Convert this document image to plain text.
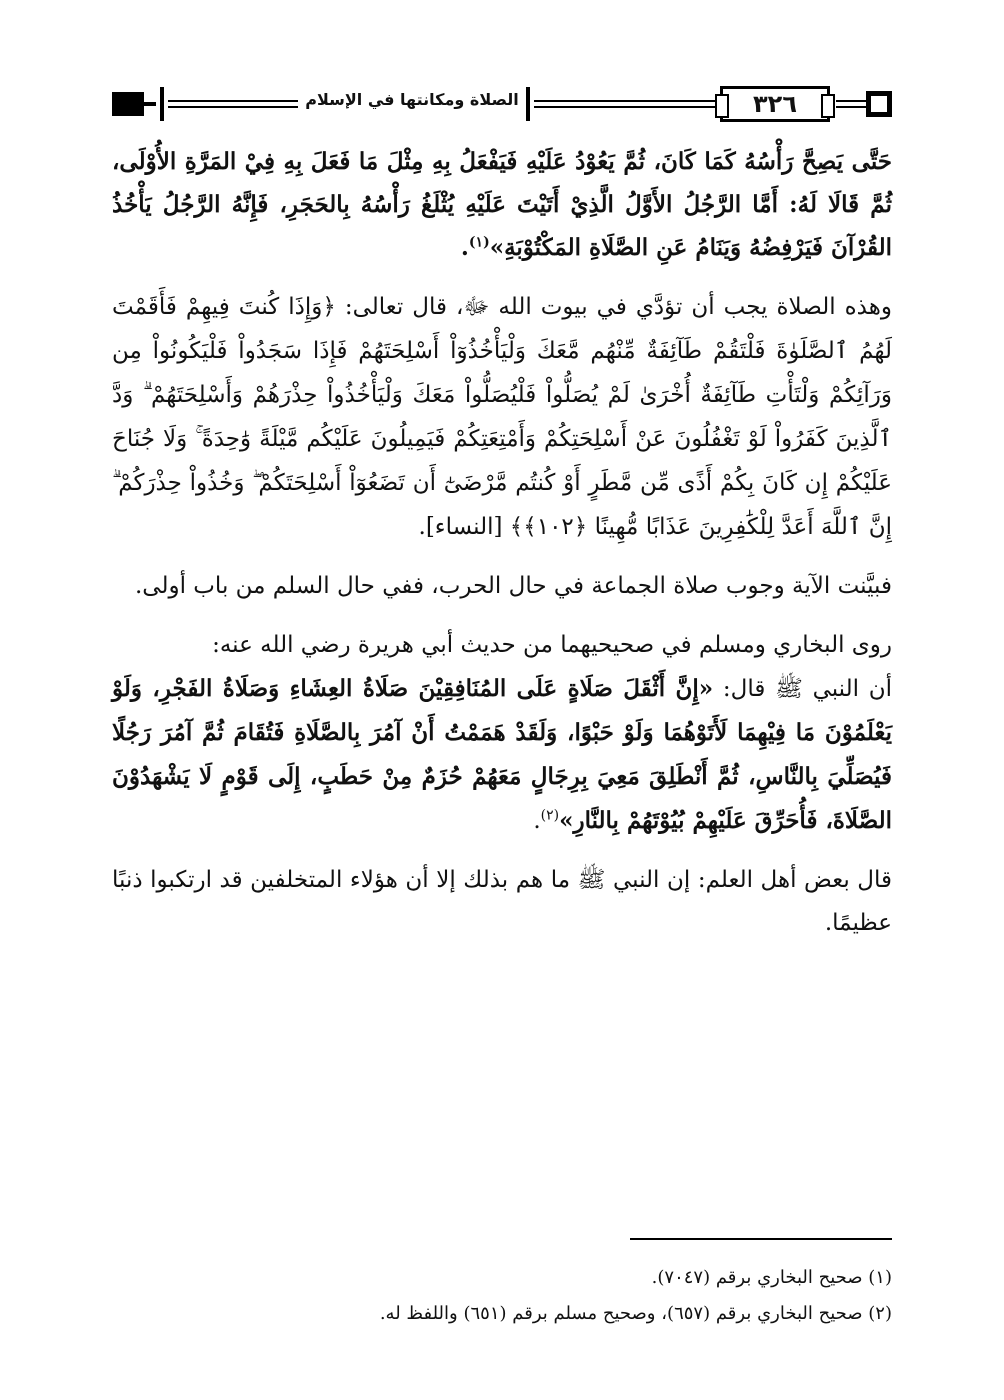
الصلاة ومكانتها في الإسلام	٣٢٦

حَتَّى يَصِحَّ رَأْسُهُ كَمَا كَانَ، ثُمَّ يَعُوْدُ عَلَيْهِ فَيَفْعَلُ بِهِ مِثْلَ مَا فَعَلَ بِهِ فِيْ المَرَّةِ الأُوْلَى، ثُمَّ قَالَا لَهُ: أَمَّا الرَّجُلُ الأَوَّلُ الَّذِيْ أَتَيْتَ عَلَيْهِ يُثْلَغُ رَأْسُهُ بِالحَجَرِ، فَإِنَّهُ الرَّجُلُ يَأْخُذُ القُرْآنَ فَيَرْفِضُهُ وَيَنَامُ عَنِ الصَّلَاةِ المَكْتُوْبَةِ»$^{(١)}$.

وهذه الصلاة يجب أن تؤدَّي في بيوت الله ﷻ، قال تعالى: ﴿وَإِذَا كُنتَ فِيهِمْ فَأَقَمْتَ لَهُمُ ٱلصَّلَوٰةَ فَلْتَقُمْ طَآئِفَةٌ مِّنْهُم مَّعَكَ وَلْيَأْخُذُوٓاْ أَسْلِحَتَهُمْ فَإِذَا سَجَدُواْ فَلْيَكُونُواْ مِن وَرَآئِكُمْ وَلْتَأْتِ طَآئِفَةٌ أُخْرَىٰ لَمْ يُصَلُّواْ فَلْيُصَلُّواْ مَعَكَ وَلْيَأْخُذُواْ حِذْرَهُمْ وَأَسْلِحَتَهُمْ ۗ وَدَّ ٱلَّذِينَ كَفَرُواْ لَوْ تَغْفُلُونَ عَنْ أَسْلِحَتِكُمْ وَأَمْتِعَتِكُمْ فَيَمِيلُونَ عَلَيْكُم مَّيْلَةً وَٰحِدَةً ۚ وَلَا جُنَاحَ عَلَيْكُمْ إِن كَانَ بِكُمْ أَذًى مِّن مَّطَرٍ أَوْ كُنتُم مَّرْضَىٰٓ أَن تَضَعُوٓاْ أَسْلِحَتَكُمْ ۖ وَخُذُواْ حِذْرَكُمْ ۗ إِنَّ ٱللَّهَ أَعَدَّ لِلْكَٰفِرِينَ عَذَابًا مُّهِينًا ﴿١٠٢﴾﴾ [النساء].

فبيَّنت الآية وجوب صلاة الجماعة في حال الحرب، ففي حال السلم من باب أولى.

روى البخاري ومسلم في صحيحيهما من حديث أبي هريرة رضي الله عنه:

أن النبي ﷺ قال: «إِنَّ أَثْقَلَ صَلَاةٍ عَلَى المُنَافِقِيْنَ صَلَاةُ العِشَاءِ وَصَلَاةُ الفَجْرِ، وَلَوْ يَعْلَمُوْنَ مَا فِيْهِمَا لَأَتَوْهُمَا وَلَوْ حَبْوًا، وَلَقَدْ هَمَمْتُ أَنْ آمُرَ بِالصَّلَاةِ فَتُقَامَ ثُمَّ آمُرَ رَجُلًا فَيُصَلِّيَ بِالنَّاسِ، ثُمَّ أَنْطَلِقَ مَعِيَ بِرِجَالٍ مَعَهُمْ حُزَمٌ مِنْ حَطَبٍ، إِلَى قَوْمٍ لَا يَشْهَدُوْنَ الصَّلَاةَ، فَأُحَرِّقَ عَلَيْهِمْ بُيُوْتَهُمْ بِالنَّارِ»$^{(٢)}$.

قال بعض أهل العلم: إن النبي ﷺ ما هم بذلك إلا أن هؤلاء المتخلفين قد ارتكبوا ذنبًا عظيمًا.

(١) صحيح البخاري برقم (٧٠٤٧).

(٢) صحيح البخاري برقم (٦٥٧)، وصحيح مسلم برقم (٦٥١) واللفظ له.
